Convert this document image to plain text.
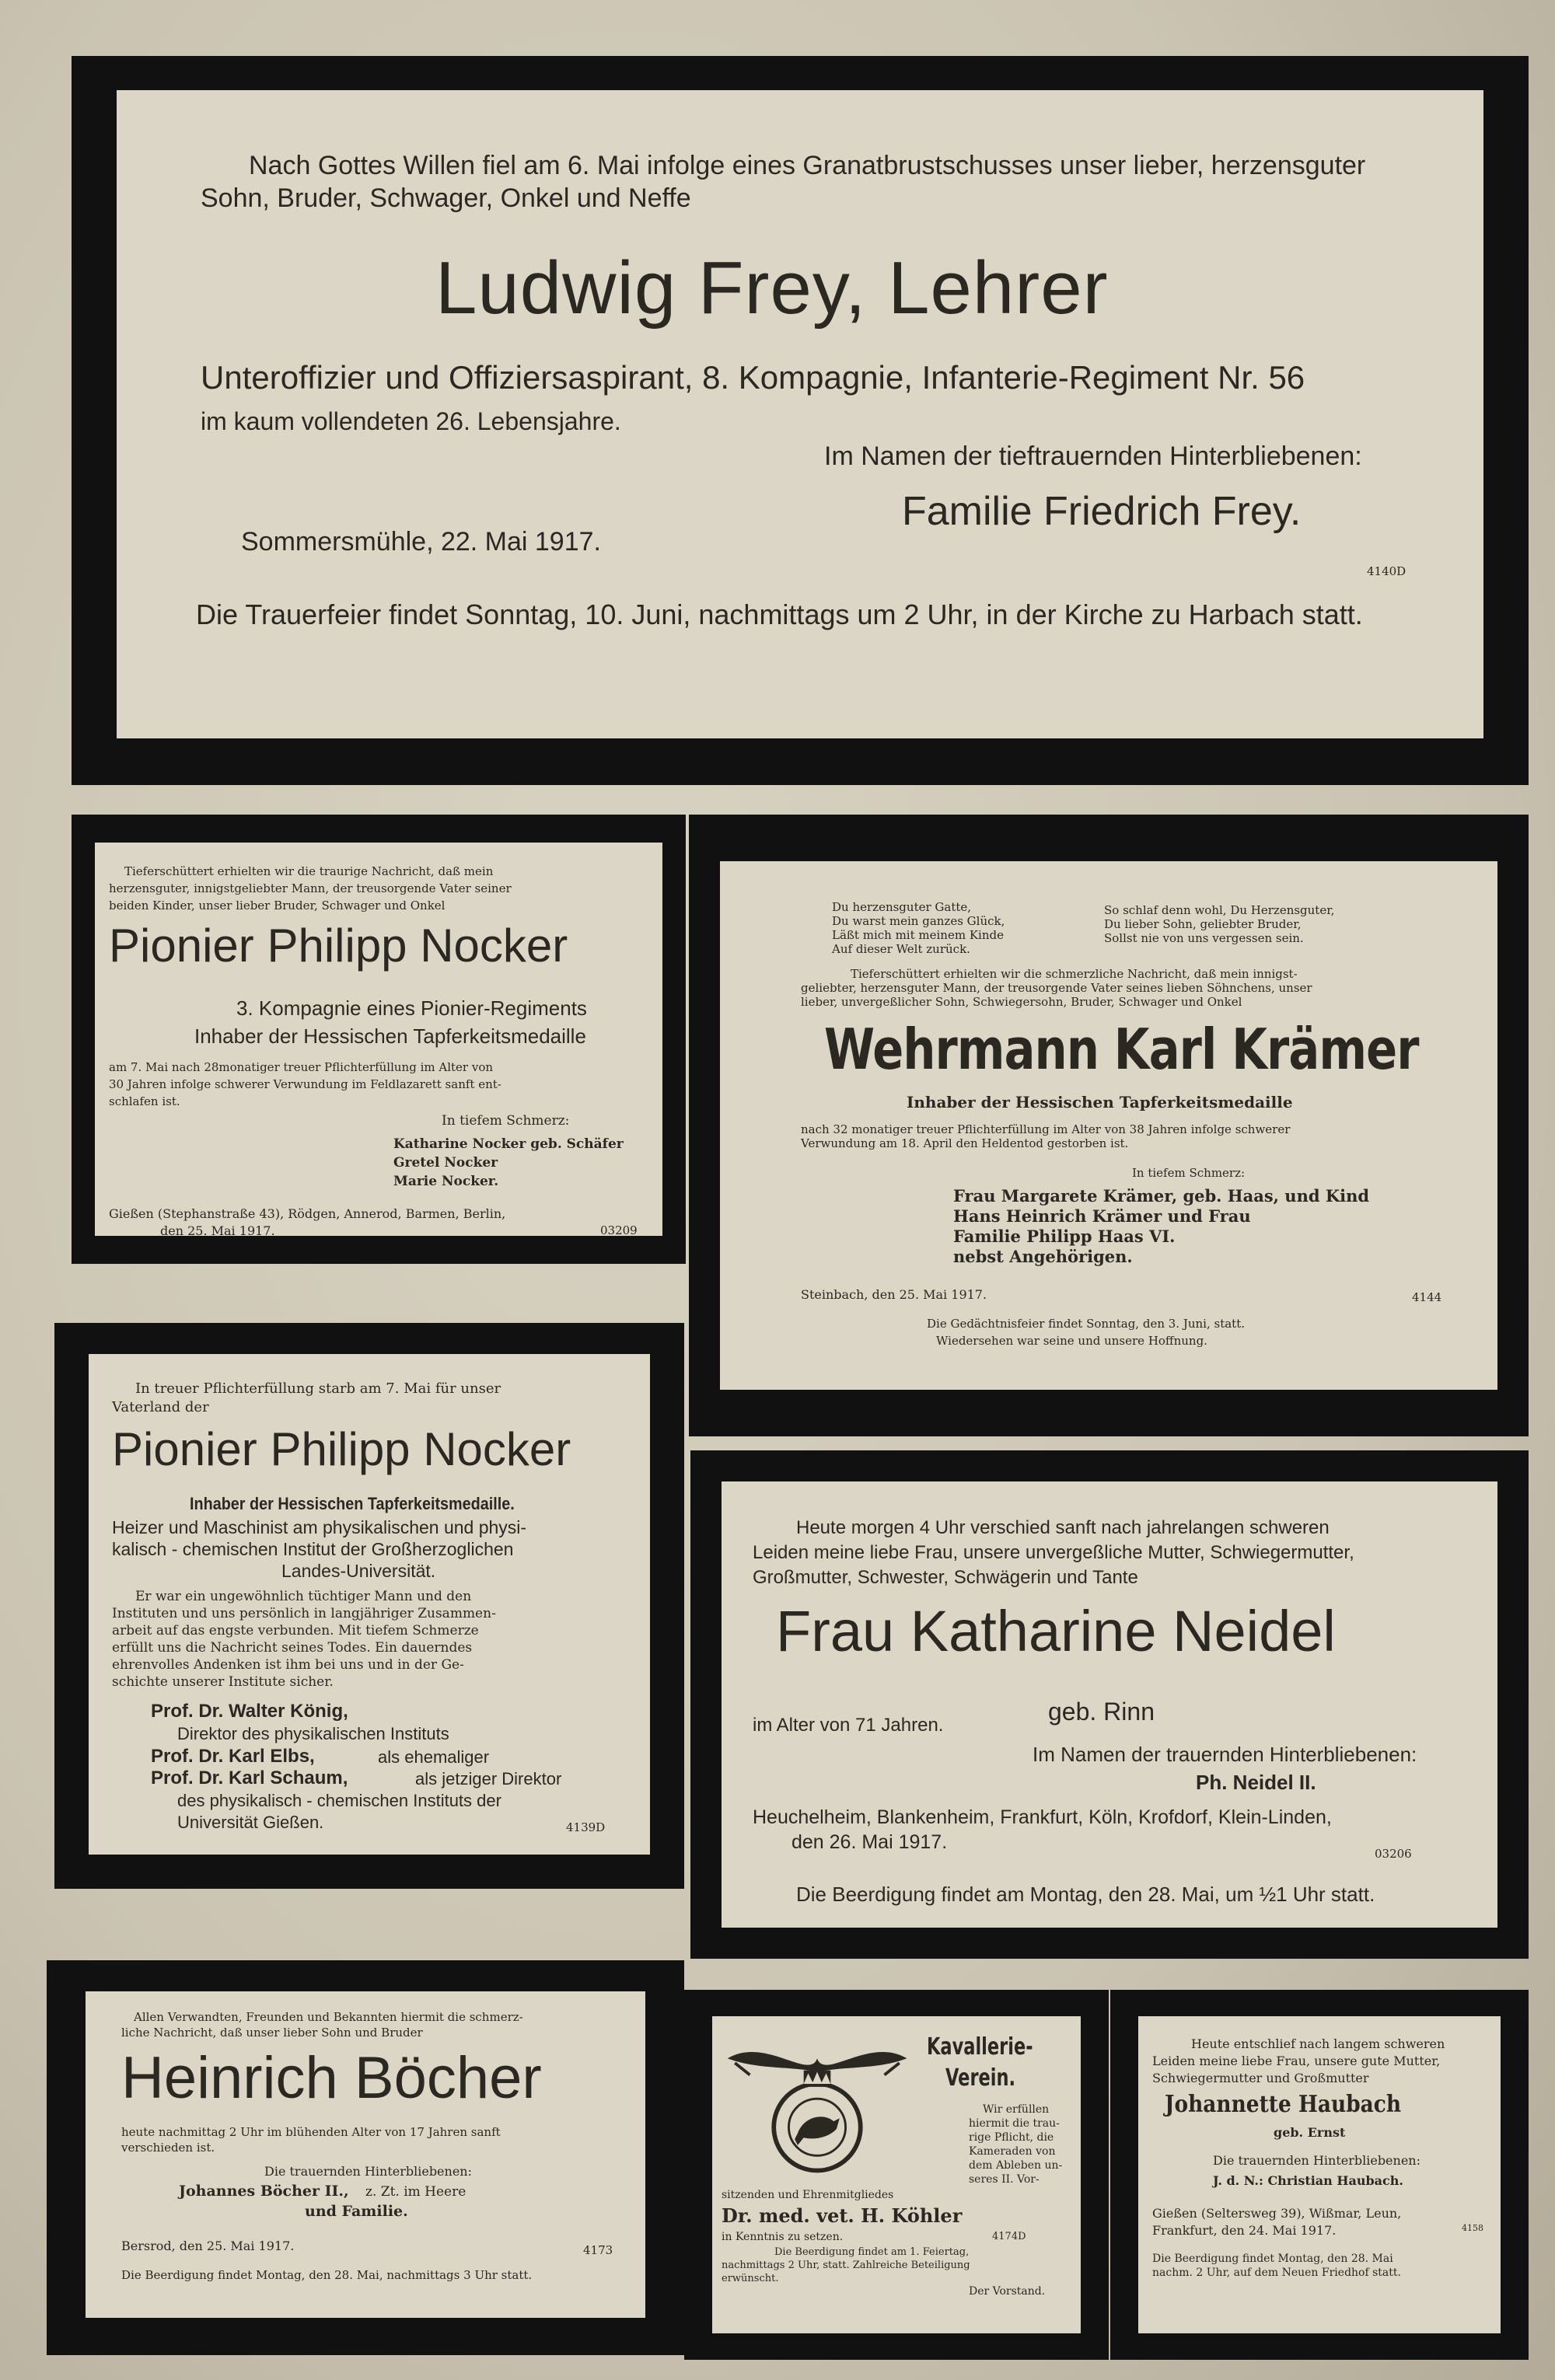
Nach Gottes Willen fiel am 6. Mai infolge eines Granatbrustschusses unser lieber, herzensguter
Sohn, Bruder, Schwager, Onkel und Neffe
Ludwig Frey, Lehrer
Unteroffizier und Offiziersaspirant, 8. Kompagnie, Infanterie-Regiment Nr. 56
im kaum vollendeten 26. Lebensjahre.
Im Namen der tieftrauernden Hinterbliebenen:
Familie Friedrich Frey.
Sommersmühle, 22. Mai 1917.
4140D
Die Trauerfeier findet Sonntag, 10. Juni, nachmittags um 2 Uhr, in der Kirche zu Harbach statt.
Tieferschüttert erhielten wir die traurige Nachricht, daß mein
herzensguter, innigstgeliebter Mann, der treusorgende Vater seiner
beiden Kinder, unser lieber Bruder, Schwager und Onkel
Pionier Philipp Nocker
3. Kompagnie eines Pionier-Regiments
Inhaber der Hessischen Tapferkeitsmedaille
am 7. Mai nach 28monatiger treuer Pflichterfüllung im Alter von
30 Jahren infolge schwerer Verwundung im Feldlazarett sanft ent-
schlafen ist.
In tiefem Schmerz:
Katharine Nocker geb. Schäfer
Gretel Nocker
Marie Nocker.
Gießen (Stephanstraße 43), Rödgen, Annerod, Barmen, Berlin,
den 25. Mai 1917.	03209
Du herzensguter Gatte,
Du warst mein ganzes Glück,
Läßt mich mit meinem Kinde
Auf dieser Welt zurück.
So schlaf denn wohl, Du Herzensguter,
Du lieber Sohn, geliebter Bruder,
Sollst nie von uns vergessen sein.
Tieferschüttert erhielten wir die schmerzliche Nachricht, daß mein innigst-
geliebter, herzensguter Mann, der treusorgende Vater seines lieben Söhnchens, unser
lieber, unvergeßlicher Sohn, Schwiegersohn, Bruder, Schwager und Onkel
Wehrmann Karl Krämer
Inhaber der Hessischen Tapferkeitsmedaille
nach 32 monatiger treuer Pflichterfüllung im Alter von 38 Jahren infolge schwerer
Verwundung am 18. April den Heldentod gestorben ist.
In tiefem Schmerz:
Frau Margarete Krämer, geb. Haas, und Kind
Hans Heinrich Krämer und Frau
Familie Philipp Haas VI.
nebst Angehörigen.
Steinbach, den 25. Mai 1917.	4144
Die Gedächtnisfeier findet Sonntag, den 3. Juni, statt.
Wiedersehen war seine und unsere Hoffnung.
In treuer Pflichterfüllung starb am 7. Mai für unser
Vaterland der
Pionier Philipp Nocker
Inhaber der Hessischen Tapferkeitsmedaille.
Heizer und Maschinist am physikalischen und physi-
kalisch - chemischen Institut der Großherzoglichen
Landes-Universität.
Er war ein ungewöhnlich tüchtiger Mann und den
Instituten und uns persönlich in langjähriger Zusammen-
arbeit auf das engste verbunden. Mit tiefem Schmerze
erfüllt uns die Nachricht seines Todes. Ein dauerndes
ehrenvolles Andenken ist ihm bei uns und in der Ge-
schichte unserer Institute sicher.
Prof. Dr. Walter König,
Direktor des physikalischen Instituts
Prof. Dr. Karl Elbs,	als ehemaliger
Prof. Dr. Karl Schaum,	als jetziger Direktor
des physikalisch - chemischen Instituts der
Universität Gießen.	4139D
Heute morgen 4 Uhr verschied sanft nach jahrelangen schweren
Leiden meine liebe Frau, unsere unvergeßliche Mutter, Schwiegermutter,
Großmutter, Schwester, Schwägerin und Tante
Frau Katharine Neidel
geb. Rinn
im Alter von 71 Jahren.
Im Namen der trauernden Hinterbliebenen:
Ph. Neidel II.
Heuchelheim, Blankenheim, Frankfurt, Köln, Krofdorf, Klein-Linden,
den 26. Mai 1917.
03206
Die Beerdigung findet am Montag, den 28. Mai, um ½1 Uhr statt.
Allen Verwandten, Freunden und Bekannten hiermit die schmerz-
liche Nachricht, daß unser lieber Sohn und Bruder
Heinrich Böcher
heute nachmittag 2 Uhr im blühenden Alter von 17 Jahren sanft
verschieden ist.
Die trauernden Hinterbliebenen:
Johannes Böcher II., z. Zt. im Heere
und Familie.
Bersrod, den 25. Mai 1917.	4173
Die Beerdigung findet Montag, den 28. Mai, nachmittags 3 Uhr statt.
Kavallerie-
Verein.
Wir erfüllen
hiermit die trau-
rige Pflicht, die
Kameraden von
dem Ableben un-
seres II. Vor-
sitzenden und Ehrenmitgliedes
Dr. med. vet. H. Köhler
in Kenntnis zu setzen.	4174D
Die Beerdigung findet am 1. Feiertag,
nachmittags 2 Uhr, statt. Zahlreiche Beteiligung
erwünscht.
Der Vorstand.
Heute entschlief nach langem schweren
Leiden meine liebe Frau, unsere gute Mutter,
Schwiegermutter und Großmutter
Johannette Haubach
geb. Ernst
Die trauernden Hinterbliebenen:
J. d. N.: Christian Haubach.
Gießen (Seltersweg 39), Wißmar, Leun,
Frankfurt, den 24. Mai 1917.	4158
Die Beerdigung findet Montag, den 28. Mai
nachm. 2 Uhr, auf dem Neuen Friedhof statt.
